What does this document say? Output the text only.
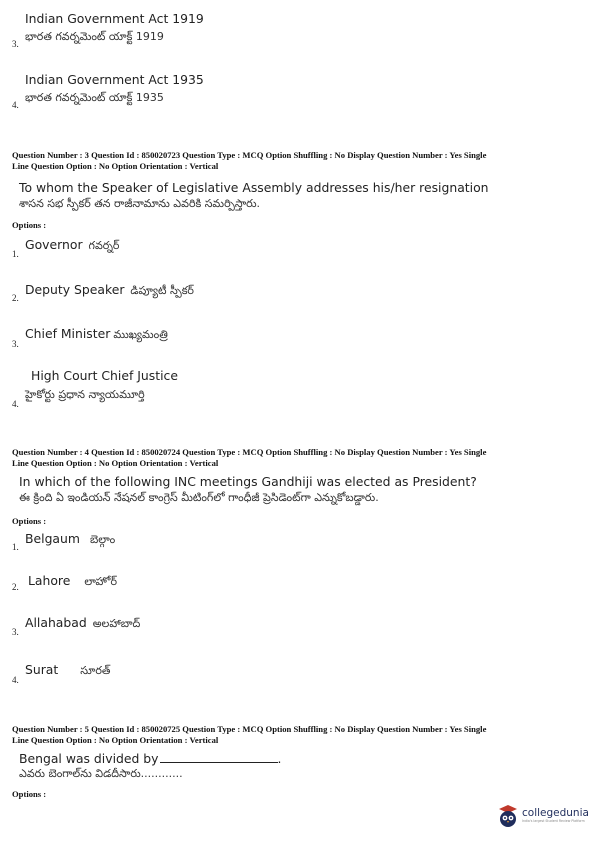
Indian Government Act 1919
భారత గవర్నమెంట్ యాక్ట్ 1919
3.
Indian Government Act 1935
భారత గవర్నమెంట్ యాక్ట్ 1935
4.
Question Number : 3 Question Id : 850020723 Question Type : MCQ Option Shuffling : No Display Question Number : Yes Single
Line Question Option : No Option Orientation : Vertical
To whom the Speaker of Legislative Assembly addresses his/her resignation
శాసన సభ స్పీకర్ తన రాజీనామాను ఎవరికి సమర్పిస్తారు.
Options :
Governor గవర్నర్
1.
Deputy Speaker డిప్యూటీ స్పీకర్
2.
Chief Minister ముఖ్యమంత్రి
3.
High Court Chief Justice
హైకోర్టు ప్రధాన న్యాయమూర్తి
4.
Question Number : 4 Question Id : 850020724 Question Type : MCQ Option Shuffling : No Display Question Number : Yes Single
Line Question Option : No Option Orientation : Vertical
In which of the following INC meetings Gandhiji was elected as President?
ఈ క్రింది ఏ ఇండియన్ నేషనల్ కాంగ్రెస్ మీటింగ్‌లో గాంధీజీ ప్రెసిడెంట్‌గా ఎన్నుకోబడ్డారు.
Options :
Belgaum బెల్గాం
1.
Lahore లాహోర్
2.
Allahabad అలహాబాద్
3.
Surat సూరత్
4.
Question Number : 5 Question Id : 850020725 Question Type : MCQ Option Shuffling : No Display Question Number : Yes Single
Line Question Option : No Option Orientation : Vertical
Bengal was divided by	.
ఎవరు బెంగాల్‌ను విడదీసారు............
Options :
collegedunia
India's largest Student Review Platform
